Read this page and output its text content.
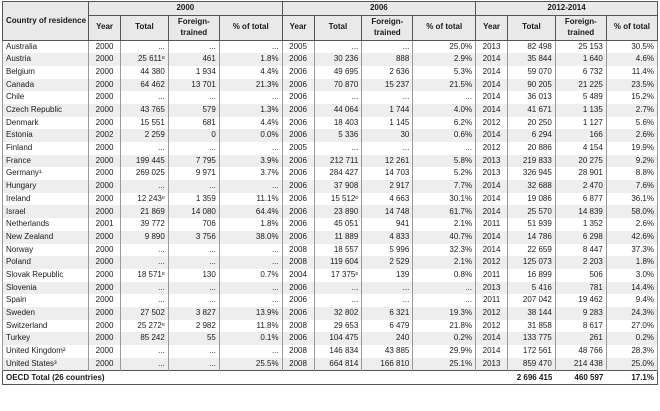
Country of residence	2000				2006				2012-2014			
	Year	Total	Foreign-trained	% of total	Year	Total	Foreign-trained	% of total	Year	Total	Foreign-trained	% of total
Australia	2000	...	...	...	2005	...	...	25.0%	2013	82 498	25 153	30.5%
Austria	2000	25 611ᵉ	461	1.8%	2006	30 236	888	2.9%	2014	35 844	1 640	4.6%
Belgium	2000	44 380	1 934	4.4%	2006	49 695	2 636	5.3%	2014	59 070	6 732	11.4%
Canada	2000	64 462	13 701	21.3%	2006	70 870	15 237	21.5%	2014	90 205	21 225	23.5%
Chile	2000	...	...	...	2006	...	...	...	2014	36 013	5 489	15.2%
Czech Republic	2000	43 765	579	1.3%	2006	44 064	1 744	4.0%	2014	41 671	1 135	2.7%
Denmark	2000	15 551	681	4.4%	2006	18 403	1 145	6.2%	2012	20 250	1 127	5.6%
Estonia	2002	2 259	0	0.0%	2006	5 336	30	0.6%	2014	6 294	166	2.6%
Finland	2000	...	...	...	2005	...	...	...	2012	20 886	4 154	19.9%
France	2000	199 445	7 795	3.9%	2006	212 711	12 261	5.8%	2013	219 833	20 275	9.2%
Germany¹	2000	269 025	9 971	3.7%	2006	284 427	14 703	5.2%	2013	326 945	28 901	8.8%
Hungary	2000	...	...	...	2006	37 908	2 917	7.7%	2014	32 688	2 470	7.6%
Ireland	2000	12 243ᵉ	1 359	11.1%	2006	15 512ᵉ	4 663	30.1%	2014	19 086	6 877	36.1%
Israel	2000	21 869	14 080	64.4%	2006	23 890	14 748	61.7%	2014	25 570	14 839	58.0%
Netherlands	2001	39 772	706	1.8%	2006	45 051	941	2.1%	2011	51 939	1 352	2.6%
New Zealand	2000	9 890	3 756	38.0%	2006	11 889	4 833	40.7%	2014	14 786	6 298	42.6%
Norway	2000	...	...	...	2008	18 557	5 996	32.3%	2014	22 659	8 447	37.3%
Poland	2000	...	...	...	2008	119 604	2 529	2.1%	2012	125 073	2 203	1.8%
Slovak Republic	2000	18 571ᵉ	130	0.7%	2004	17 375ᵉ	139	0.8%	2011	16 899	506	3.0%
Slovenia	2000	...	...	...	2006	...	...	...	2013	5 416	781	14.4%
Spain	2000	...	...	...	2006	...	...	...	2011	207 042	19 462	9.4%
Sweden	2000	27 502	3 827	13.9%	2006	32 802	6 321	19.3%	2012	38 144	9 283	24.3%
Switzerland	2000	25 272ᵉ	2 982	11.8%	2008	29 653	6 479	21.8%	2012	31 858	8 617	27.0%
Turkey	2000	85 242	55	0.1%	2006	104 475	240	0.2%	2014	133 775	261	0.2%
United Kingdom²	2000	...	...	...	2008	146 834	43 885	29.9%	2014	172 561	48 766	28.3%
United States³	2000	...	...	25.5%	2008	664 814	166 810	25.1%	2013	859 470	214 438	25.0%
OECD Total (26 countries)										2 696 415	460 597	17.1%
